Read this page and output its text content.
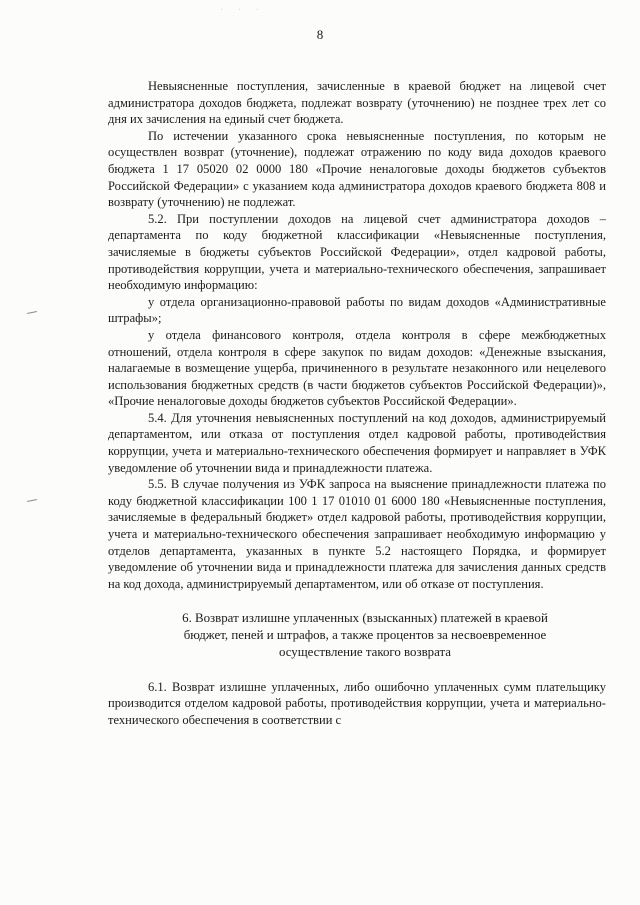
· · ·
8

Невыясненные поступления, зачисленные в краевой бюджет на лицевой счет администратора доходов бюджета, подлежат возврату (уточнению) не позднее трех лет со дня их зачисления на единый счет бюджета.

По истечении указанного срока невыясненные поступления, по которым не осуществлен возврат (уточнение), подлежат отражению по коду вида доходов краевого бюджета 1 17 05020 02 0000 180 «Прочие неналоговые доходы бюджетов субъектов Российской Федерации» с указанием кода администратора доходов краевого бюджета 808 и возврату (уточнению) не подлежат.

5.2. При поступлении доходов на лицевой счет администратора доходов – департамента по коду бюджетной классификации «Невыясненные поступления, зачисляемые в бюджеты субъектов Российской Федерации», отдел кадровой работы, противодействия коррупции, учета и материально-технического обеспечения, запрашивает необходимую информацию:

у отдела организационно-правовой работы по видам доходов «Административные штрафы»;

у отдела финансового контроля, отдела контроля в сфере межбюджетных отношений, отдела контроля в сфере закупок по видам доходов: «Денежные взыскания, налагаемые в возмещение ущерба, причиненного в результате незаконного или нецелевого использования бюджетных средств (в части бюджетов субъектов Российской Федерации)», «Прочие неналоговые доходы бюджетов субъектов Российской Федерации».

5.4. Для уточнения невыясненных поступлений на код доходов, администрируемый департаментом, или отказа от поступления отдел кадровой работы, противодействия коррупции, учета и материально-технического обеспечения формирует и направляет в УФК уведомление об уточнении вида и принадлежности платежа.

5.5. В случае получения из УФК запроса на выяснение принадлежности платежа по коду бюджетной классификации 100 1 17 01010 01 6000 180 «Невыясненные поступления, зачисляемые в федеральный бюджет» отдел кадровой работы, противодействия коррупции, учета и материально-технического обеспечения запрашивает необходимую информацию у отделов департамента, указанных в пункте 5.2 настоящего Порядка, и формирует уведомление об уточнении вида и принадлежности платежа для зачисления данных средств на код дохода, администрируемый департаментом, или об отказе от поступления.

6. Возврат излишне уплаченных (взысканных) платежей в краевой
бюджет, пеней и штрафов, а также процентов за несвоевременное
осуществление такого возврата

6.1. Возврат излишне уплаченных, либо ошибочно уплаченных сумм плательщику производится отделом кадровой работы, противодействия коррупции, учета и материально-технического обеспечения в соответствии с
